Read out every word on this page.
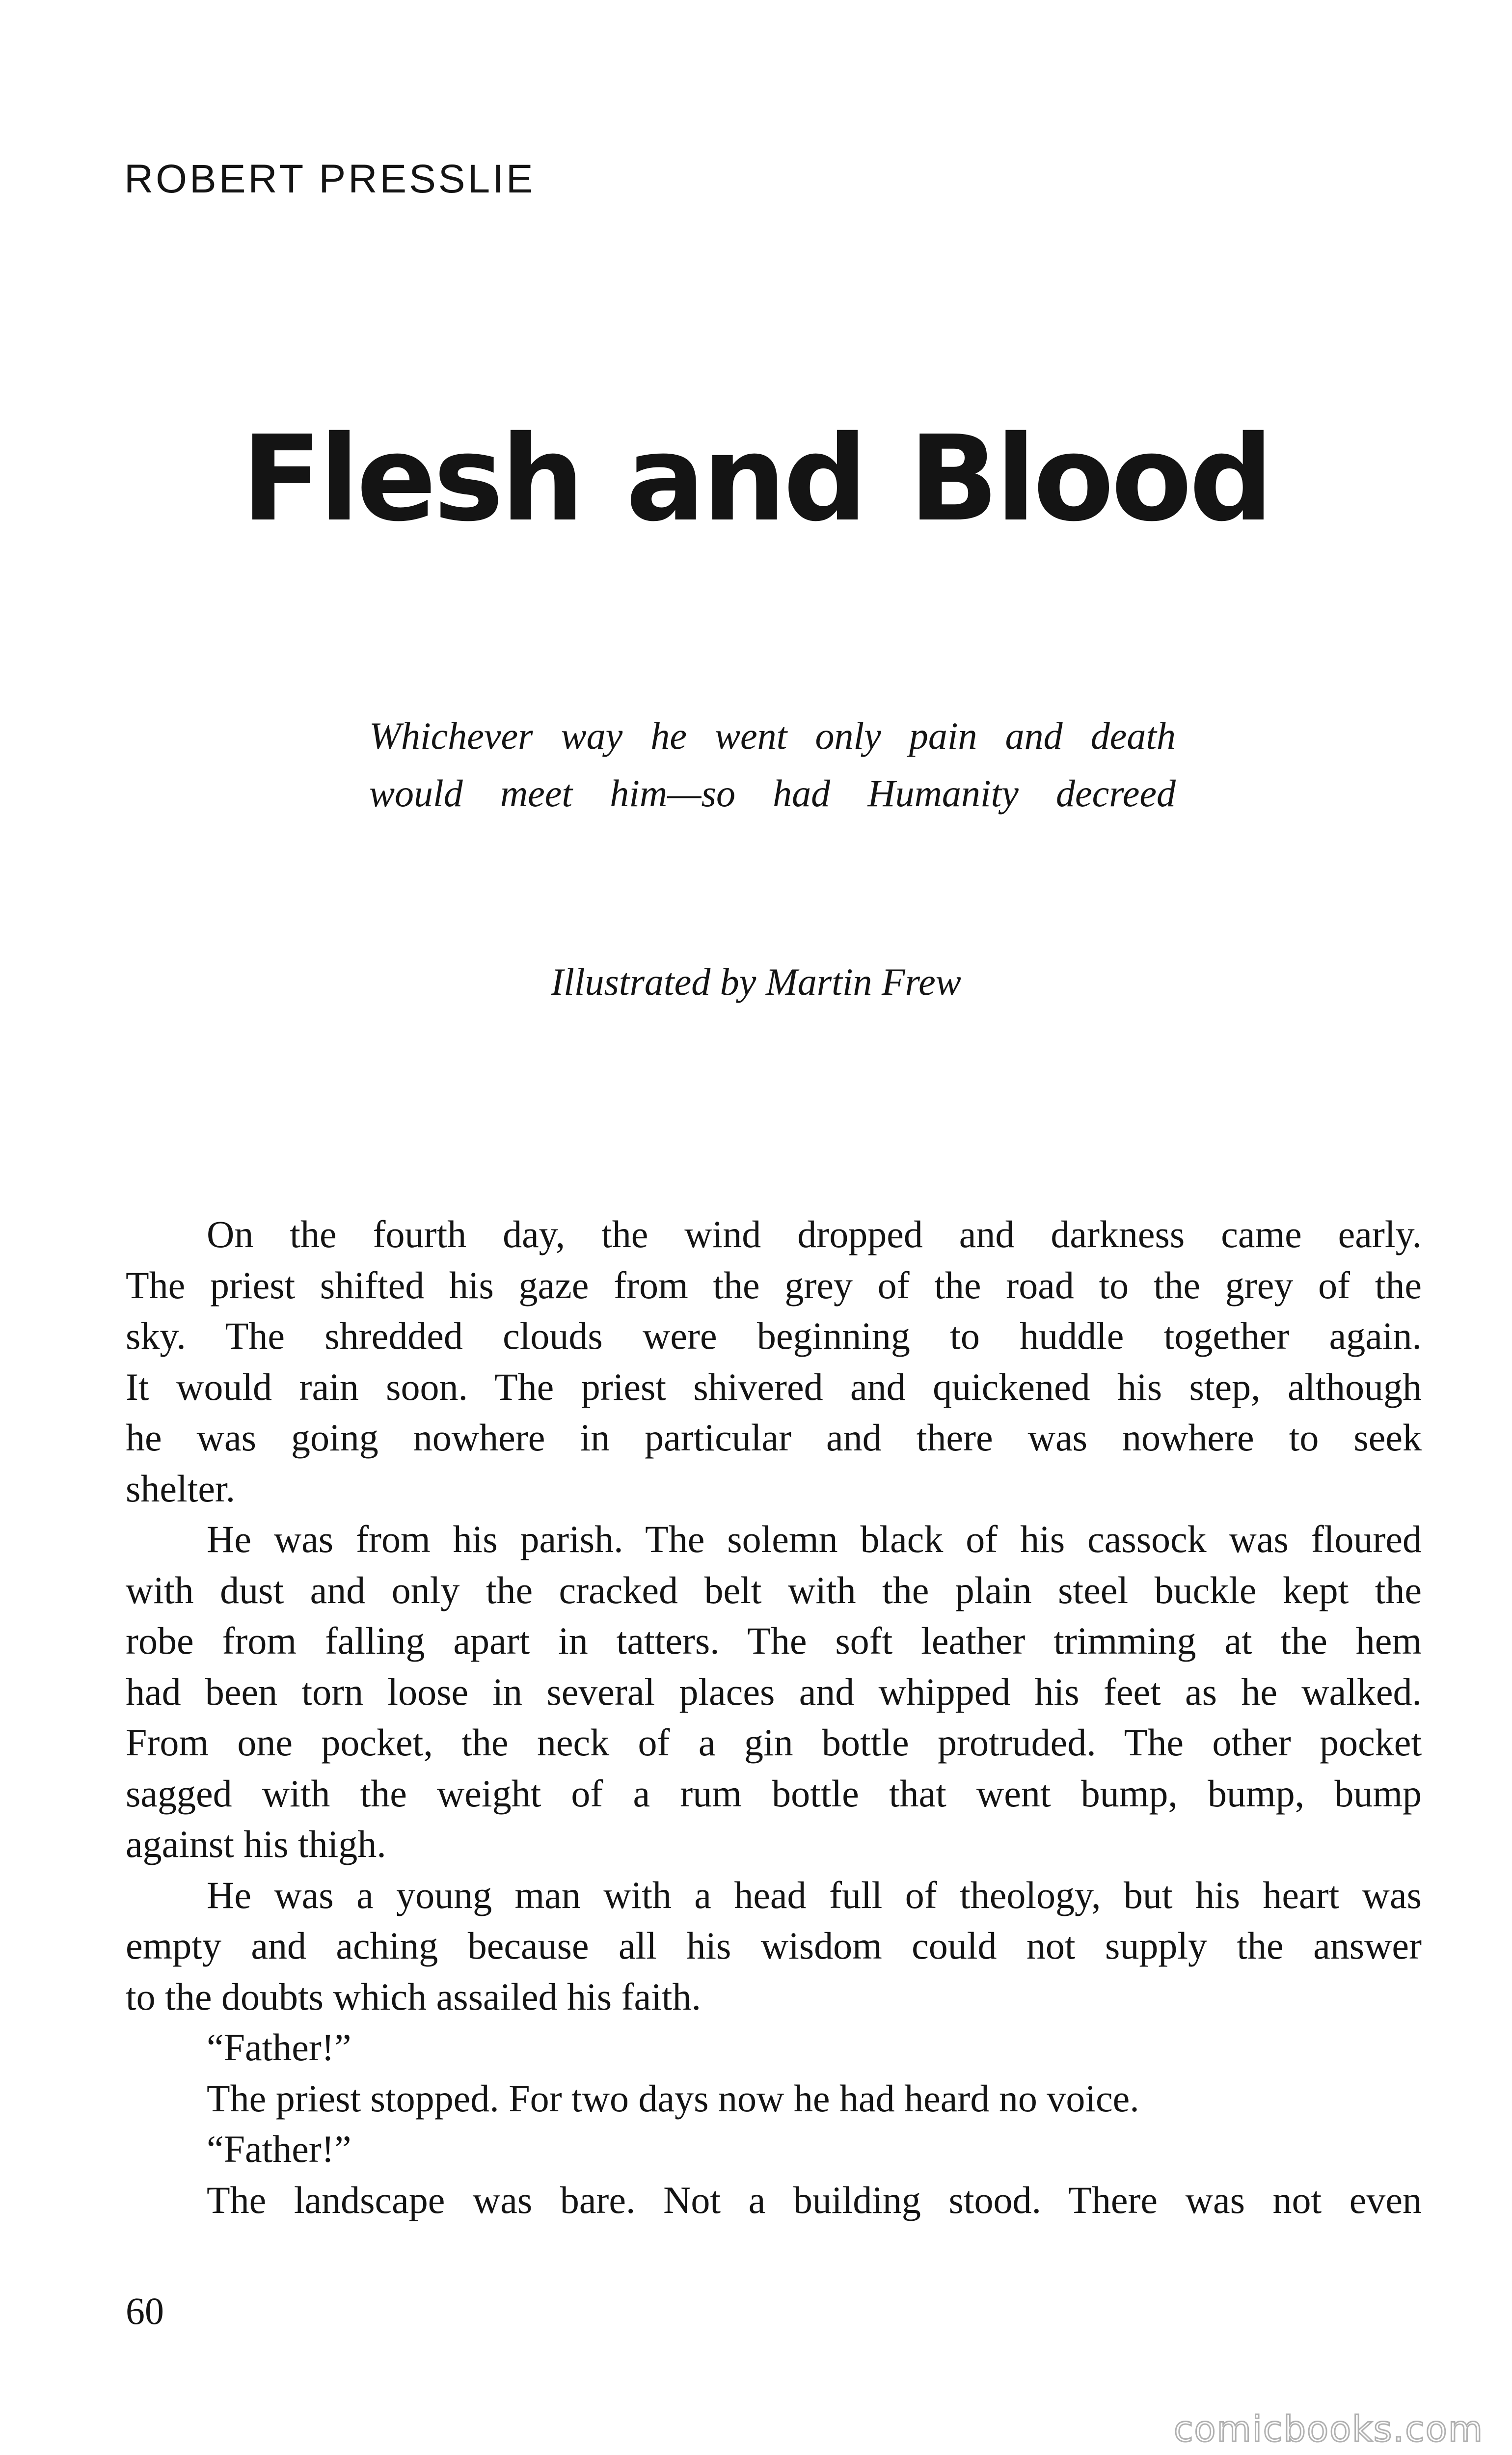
ROBERT PRESSLIE

Flesh and Blood
Whichever way he went only pain and death
would meet him—so had Humanity decreed

Illustrated by Martin Frew

On the fourth day, the wind dropped and darkness came early.
The priest shifted his gaze from the grey of the road to the grey of the
sky. The shredded clouds were beginning to huddle together again.
It would rain soon. The priest shivered and quickened his step, although
he was going nowhere in particular and there was nowhere to seek
shelter.
He was from his parish. The solemn black of his cassock was floured
with dust and only the cracked belt with the plain steel buckle kept the
robe from falling apart in tatters. The soft leather trimming at the hem
had been torn loose in several places and whipped his feet as he walked.
From one pocket, the neck of a gin bottle protruded. The other pocket
sagged with the weight of a rum bottle that went bump, bump, bump
against his thigh.
He was a young man with a head full of theology, but his heart was
empty and aching because all his wisdom could not supply the answer
to the doubts which assailed his faith.
“Father!”
The priest stopped. For two days now he had heard no voice.
“Father!”
The landscape was bare. Not a building stood. There was not even

60

comicbooks.com
